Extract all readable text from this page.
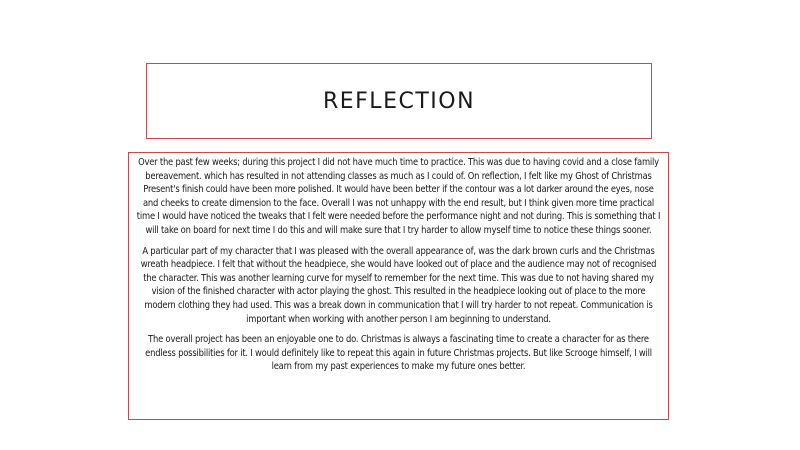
REFLECTION

Over the past few weeks; during this project I did not have much time to practice. This was due to having covid and a close family bereavement. which has resulted in not attending classes as much as I could of. On reflection, I felt like my Ghost of Christmas Present's finish could have been more polished. It would have been better if the contour was a lot darker around the eyes, nose and cheeks to create dimension to the face. Overall I was not unhappy with the end result, but I think given more time practical time I would have noticed the tweaks that I felt were needed before the performance night and not during. This is something that I will take on board for next time I do this and will make sure that I try harder to allow myself time to notice these things sooner.

A particular part of my character that I was pleased with the overall appearance of, was the dark brown curls and the Christmas wreath headpiece. I felt that without the headpiece, she would have looked out of place and the audience may not of recognised the character. This was another learning curve for myself to remember for the next time. This was due to not having shared my vision of the finished character with actor playing the ghost. This resulted in the headpiece looking out of place to the more modern clothing they had used. This was a break down in communication that I will try harder to not repeat. Communication is important when working with another person I am beginning to understand.

The overall project has been an enjoyable one to do. Christmas is always a fascinating time to create a character for as there endless possibilities for it. I would definitely like to repeat this again in future Christmas projects. But like Scrooge himself, I will learn from my past experiences to make my future ones better.
